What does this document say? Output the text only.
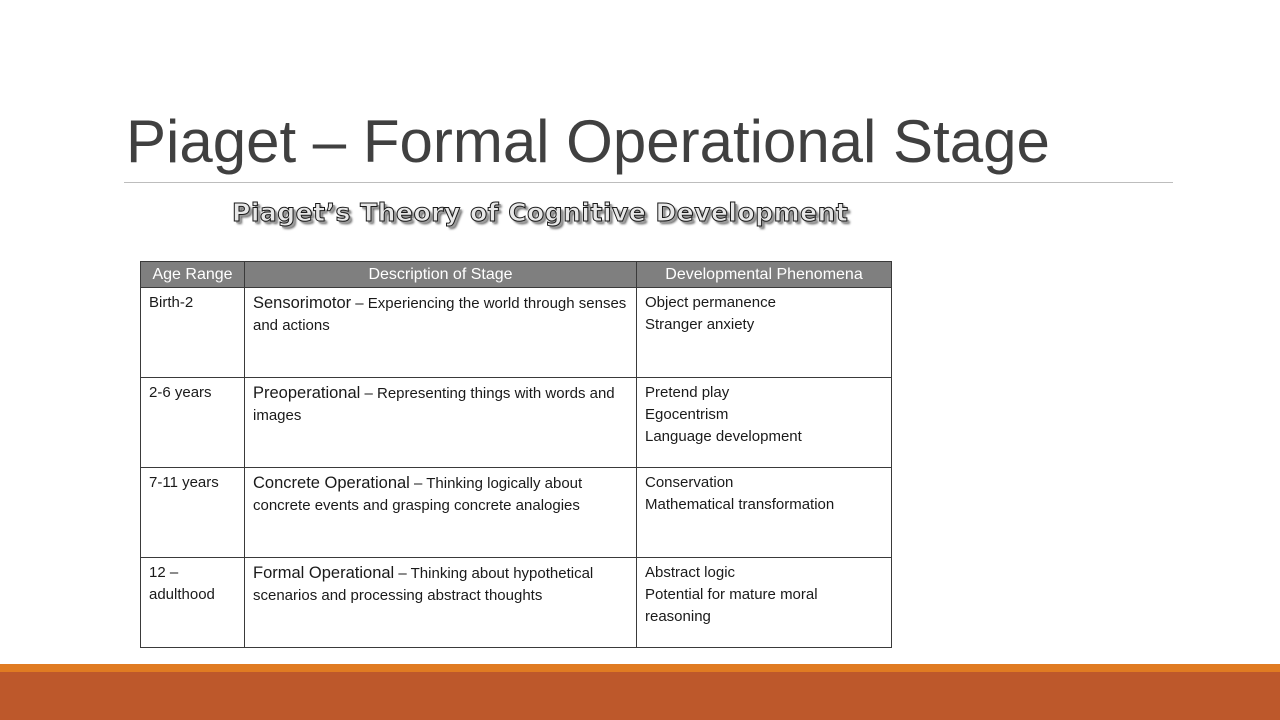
Piaget – Formal Operational Stage
Piaget’s Theory of Cognitive Development
Age Range	Description of Stage	Developmental Phenomena
Birth-2	Sensorimotor – Experiencing the world through senses and actions	Object permanence
Stranger anxiety

2-6 years	Preoperational – Representing things with words and images	Pretend play
Egocentrism
Language development

7-11 years	Concrete Operational – Thinking logically about concrete events and grasping concrete analogies	Conservation
Mathematical transformation

12 – adulthood	Formal Operational – Thinking about hypothetical scenarios and processing abstract thoughts	Abstract logic
Potential for mature moral reasoning
